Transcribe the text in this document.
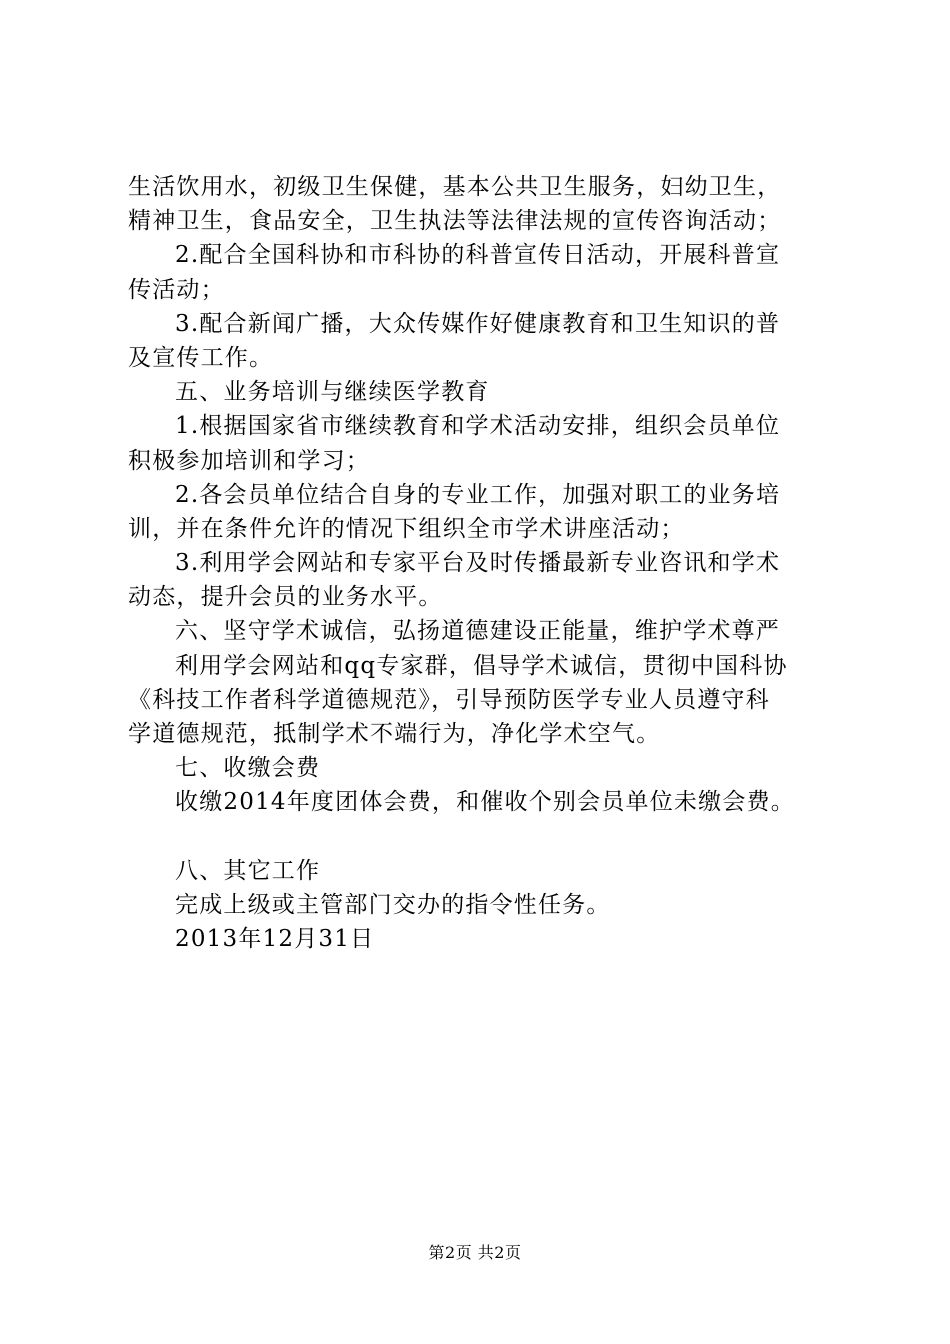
生活饮用水，初级卫生保健，基本公共卫生服务，妇幼卫生，
精神卫生，食品安全，卫生执法等法律法规的宣传咨询活动；
2.配合全国科协和市科协的科普宣传日活动，开展科普宣
传活动；
3.配合新闻广播，大众传媒作好健康教育和卫生知识的普
及宣传工作。
五、业务培训与继续医学教育
1.根据国家省市继续教育和学术活动安排，组织会员单位
积极参加培训和学习；
2.各会员单位结合自身的专业工作，加强对职工的业务培
训，并在条件允许的情况下组织全市学术讲座活动；
3.利用学会网站和专家平台及时传播最新专业咨讯和学术
动态，提升会员的业务水平。
六、坚守学术诚信，弘扬道德建设正能量，维护学术尊严
利用学会网站和qq专家群，倡导学术诚信，贯彻中国科协
《科技工作者科学道德规范》，引导预防医学专业人员遵守科
学道德规范，抵制学术不端行为，净化学术空气。
七、收缴会费
收缴2014年度团体会费，和催收个别会员单位未缴会费。
八、其它工作
完成上级或主管部门交办的指令性任务。
2013年12月31日
第2页 共2页
